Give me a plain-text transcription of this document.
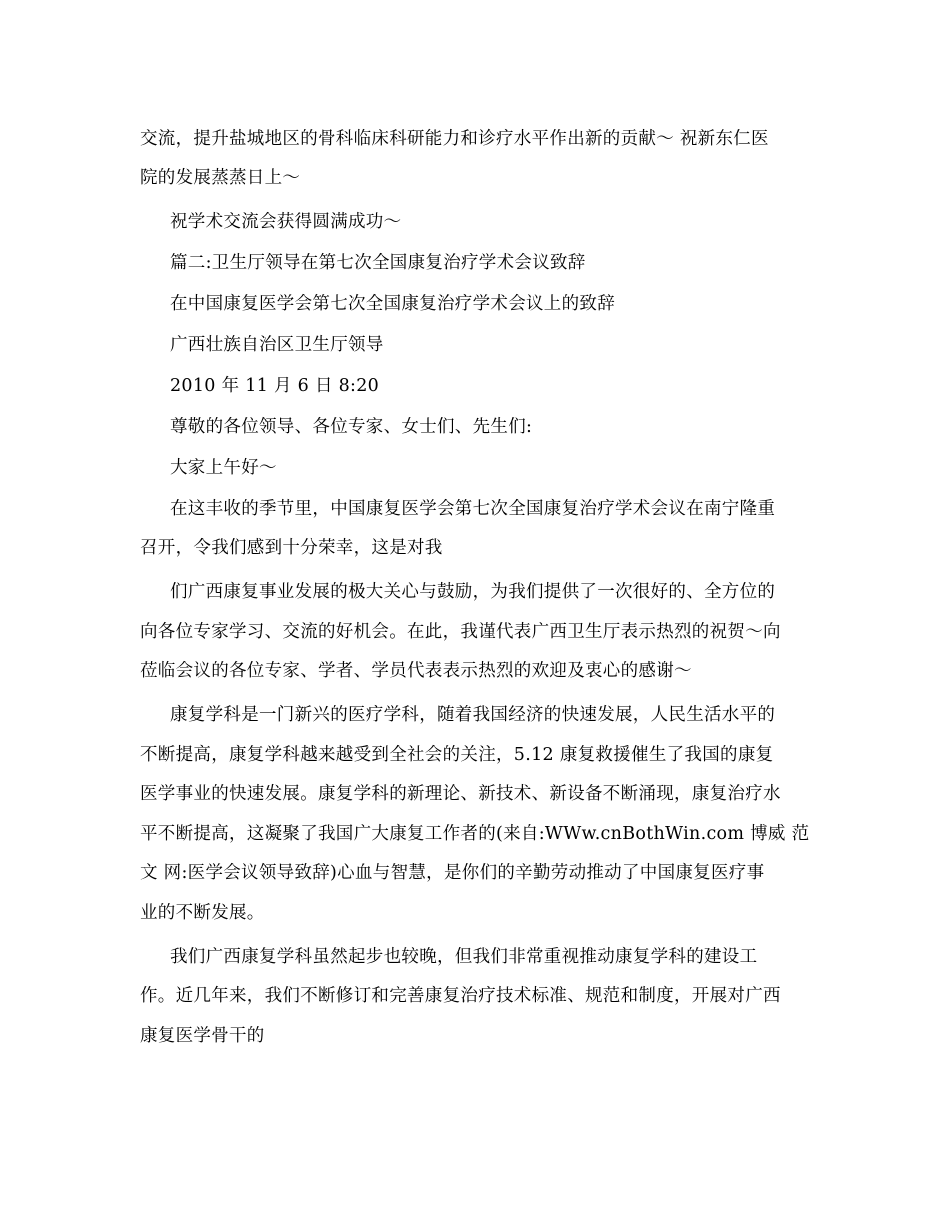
交流，提升盐城地区的骨科临床科研能力和诊疗水平作出新的贡献～ 祝新东仁医
院的发展蒸蒸日上～
祝学术交流会获得圆满成功～
篇二:卫生厅领导在第七次全国康复治疗学术会议致辞
在中国康复医学会第七次全国康复治疗学术会议上的致辞
广西壮族自治区卫生厅领导
2010 年 11 月 6 日 8:20
尊敬的各位领导、各位专家、女士们、先生们:
大家上午好～
在这丰收的季节里，中国康复医学会第七次全国康复治疗学术会议在南宁隆重
召开，令我们感到十分荣幸，这是对我
们广西康复事业发展的极大关心与鼓励，为我们提供了一次很好的、全方位的
向各位专家学习、交流的好机会。在此，我谨代表广西卫生厅表示热烈的祝贺～向
莅临会议的各位专家、学者、学员代表表示热烈的欢迎及衷心的感谢～
康复学科是一门新兴的医疗学科，随着我国经济的快速发展，人民生活水平的
不断提高，康复学科越来越受到全社会的关注，5.12 康复救援催生了我国的康复
医学事业的快速发展。康复学科的新理论、新技术、新设备不断涌现，康复治疗水
平不断提高，这凝聚了我国广大康复工作者的(来自:WWw.cnBothWin.com 博威 范
文 网:医学会议领导致辞)心血与智慧，是你们的辛勤劳动推动了中国康复医疗事
业的不断发展。
我们广西康复学科虽然起步也较晚，但我们非常重视推动康复学科的建设工
作。近几年来，我们不断修订和完善康复治疗技术标准、规范和制度，开展对广西
康复医学骨干的
